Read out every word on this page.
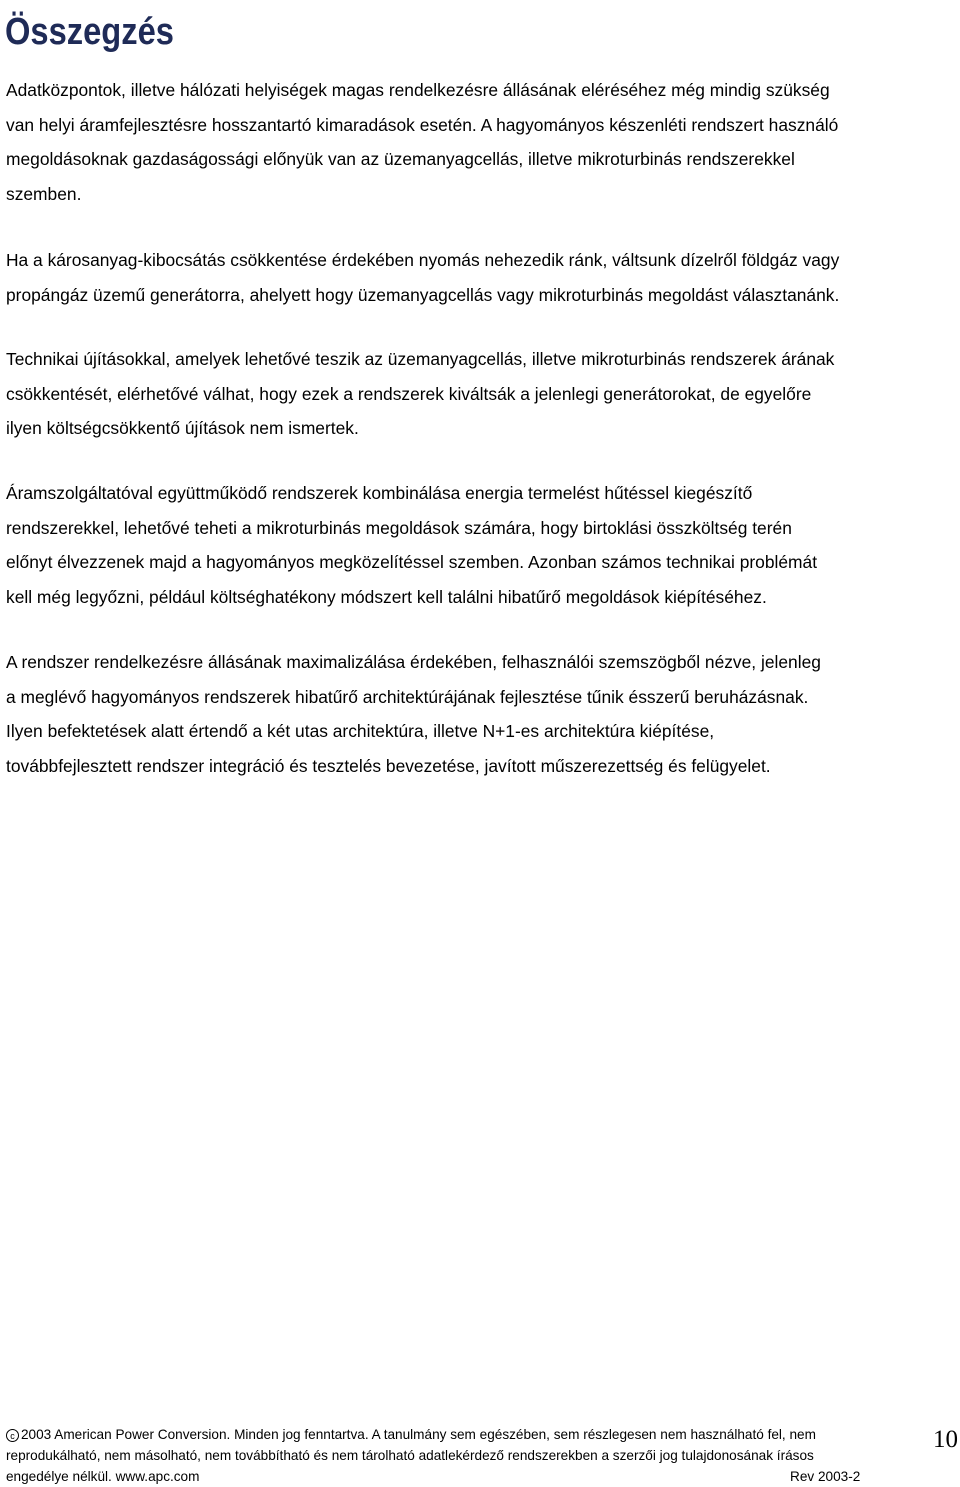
Összegzés

Adatközpontok, illetve hálózati helyiségek magas rendelkezésre állásának eléréséhez még mindig szükség
van helyi áramfejlesztésre hosszantartó kimaradások esetén. A hagyományos készenléti rendszert használó
megoldásoknak gazdaságossági előnyük van az üzemanyagcellás, illetve mikroturbinás rendszerekkel
szemben.

Ha a károsanyag-kibocsátás csökkentése érdekében nyomás nehezedik ránk, váltsunk dízelről földgáz vagy
propángáz üzemű generátorra, ahelyett hogy üzemanyagcellás vagy mikroturbinás megoldást választanánk.

Technikai újításokkal, amelyek lehetővé teszik az üzemanyagcellás, illetve mikroturbinás rendszerek árának
csökkentését, elérhetővé válhat, hogy ezek a rendszerek kiváltsák a jelenlegi generátorokat, de egyelőre
ilyen költségcsökkentő újítások nem ismertek.

Áramszolgáltatóval együttműködő rendszerek kombinálása energia termelést hűtéssel kiegészítő
rendszerekkel, lehetővé teheti a mikroturbinás megoldások számára, hogy birtoklási összköltség terén
előnyt élvezzenek majd a hagyományos megközelítéssel szemben. Azonban számos technikai problémát
kell még legyőzni, például költséghatékony módszert kell találni hibatűrő megoldások kiépítéséhez.

A rendszer rendelkezésre állásának maximalizálása érdekében, felhasználói szemszögből nézve, jelenleg
a meglévő hagyományos rendszerek hibatűrő architektúrájának fejlesztése tűnik ésszerű beruházásnak.
Ilyen befektetések alatt értendő a két utas architektúra, illetve N+1-es architektúra kiépítése,
továbbfejlesztett rendszer integráció és tesztelés bevezetése, javított műszerezettség és felügyelet.

c 2003 American Power Conversion. Minden jog fenntartva. A tanulmány sem egészében, sem részlegesen nem használható fel, nem
reprodukálható, nem másolható, nem továbbítható és nem tárolható adatlekérdező rendszerekben a szerzői jog tulajdonosának írásos
engedélye nélkül. www.apc.com	Rev 2003-2
10
